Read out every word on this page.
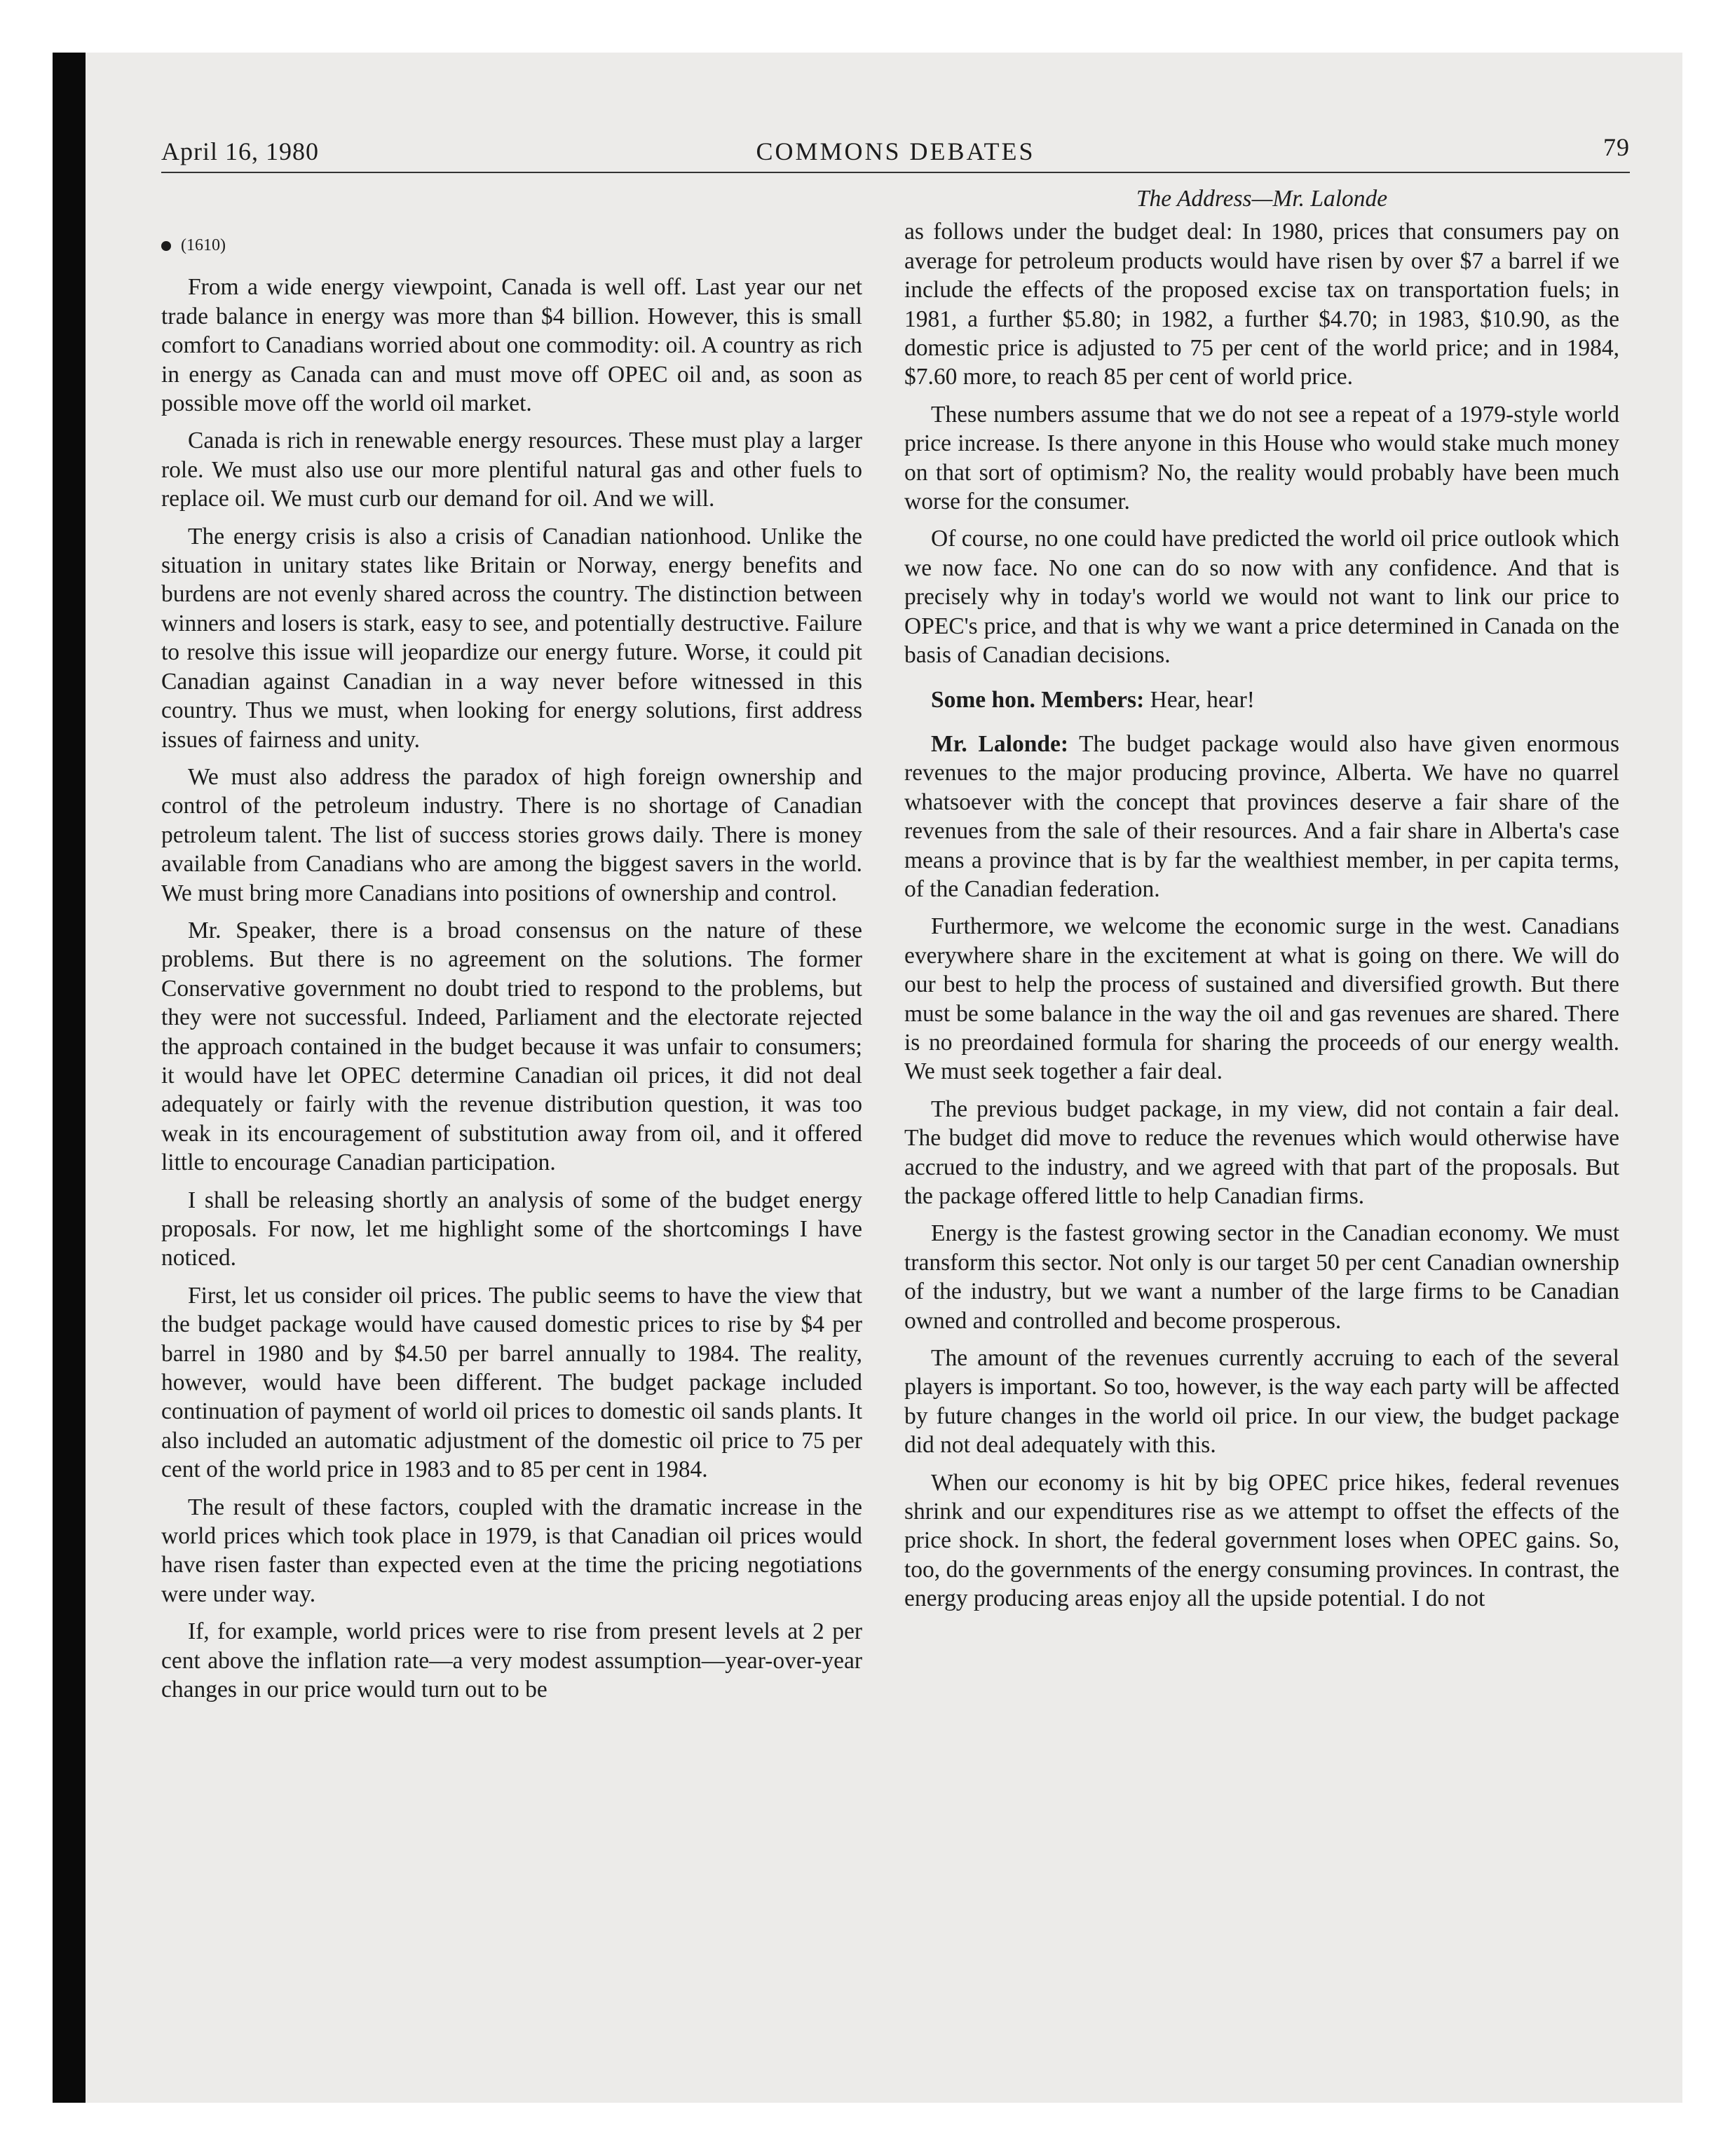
April 16, 1980	COMMONS DEBATES	79
(1610)

From a wide energy viewpoint, Canada is well off. Last year our net trade balance in energy was more than $4 billion. However, this is small comfort to Canadians worried about one commodity: oil. A country as rich in energy as Canada can and must move off OPEC oil and, as soon as possible move off the world oil market.

Canada is rich in renewable energy resources. These must play a larger role. We must also use our more plentiful natural gas and other fuels to replace oil. We must curb our demand for oil. And we will.

The energy crisis is also a crisis of Canadian nationhood. Unlike the situation in unitary states like Britain or Norway, energy benefits and burdens are not evenly shared across the country. The distinction between winners and losers is stark, easy to see, and potentially destructive. Failure to resolve this issue will jeopardize our energy future. Worse, it could pit Canadian against Canadian in a way never before witnessed in this country. Thus we must, when looking for energy solutions, first address issues of fairness and unity.

We must also address the paradox of high foreign ownership and control of the petroleum industry. There is no shortage of Canadian petroleum talent. The list of success stories grows daily. There is money available from Canadians who are among the biggest savers in the world. We must bring more Canadians into positions of ownership and control.

Mr. Speaker, there is a broad consensus on the nature of these problems. But there is no agreement on the solutions. The former Conservative government no doubt tried to respond to the problems, but they were not successful. Indeed, Parliament and the electorate rejected the approach contained in the budget because it was unfair to consumers; it would have let OPEC determine Canadian oil prices, it did not deal adequately or fairly with the revenue distribution question, it was too weak in its encouragement of substitution away from oil, and it offered little to encourage Canadian participation.

I shall be releasing shortly an analysis of some of the budget energy proposals. For now, let me highlight some of the shortcomings I have noticed.

First, let us consider oil prices. The public seems to have the view that the budget package would have caused domestic prices to rise by $4 per barrel in 1980 and by $4.50 per barrel annually to 1984. The reality, however, would have been different. The budget package included continuation of payment of world oil prices to domestic oil sands plants. It also included an automatic adjustment of the domestic oil price to 75 per cent of the world price in 1983 and to 85 per cent in 1984.

The result of these factors, coupled with the dramatic increase in the world prices which took place in 1979, is that Canadian oil prices would have risen faster than expected even at the time the pricing negotiations were under way.

If, for example, world prices were to rise from present levels at 2 per cent above the inflation rate—a very modest assumption—year-over-year changes in our price would turn out to be

The Address—Mr. Lalonde

as follows under the budget deal: In 1980, prices that consumers pay on average for petroleum products would have risen by over $7 a barrel if we include the effects of the proposed excise tax on transportation fuels; in 1981, a further $5.80; in 1982, a further $4.70; in 1983, $10.90, as the domestic price is adjusted to 75 per cent of the world price; and in 1984, $7.60 more, to reach 85 per cent of world price.

These numbers assume that we do not see a repeat of a 1979-style world price increase. Is there anyone in this House who would stake much money on that sort of optimism? No, the reality would probably have been much worse for the consumer.

Of course, no one could have predicted the world oil price outlook which we now face. No one can do so now with any confidence. And that is precisely why in today's world we would not want to link our price to OPEC's price, and that is why we want a price determined in Canada on the basis of Canadian decisions.

Some hon. Members: Hear, hear!

Mr. Lalonde: The budget package would also have given enormous revenues to the major producing province, Alberta. We have no quarrel whatsoever with the concept that provinces deserve a fair share of the revenues from the sale of their resources. And a fair share in Alberta's case means a province that is by far the wealthiest member, in per capita terms, of the Canadian federation.

Furthermore, we welcome the economic surge in the west. Canadians everywhere share in the excitement at what is going on there. We will do our best to help the process of sustained and diversified growth. But there must be some balance in the way the oil and gas revenues are shared. There is no preordained formula for sharing the proceeds of our energy wealth. We must seek together a fair deal.

The previous budget package, in my view, did not contain a fair deal. The budget did move to reduce the revenues which would otherwise have accrued to the industry, and we agreed with that part of the proposals. But the package offered little to help Canadian firms.

Energy is the fastest growing sector in the Canadian economy. We must transform this sector. Not only is our target 50 per cent Canadian ownership of the industry, but we want a number of the large firms to be Canadian owned and controlled and become prosperous.

The amount of the revenues currently accruing to each of the several players is important. So too, however, is the way each party will be affected by future changes in the world oil price. In our view, the budget package did not deal adequately with this.

When our economy is hit by big OPEC price hikes, federal revenues shrink and our expenditures rise as we attempt to offset the effects of the price shock. In short, the federal government loses when OPEC gains. So, too, do the governments of the energy consuming provinces. In contrast, the energy producing areas enjoy all the upside potential. I do not
